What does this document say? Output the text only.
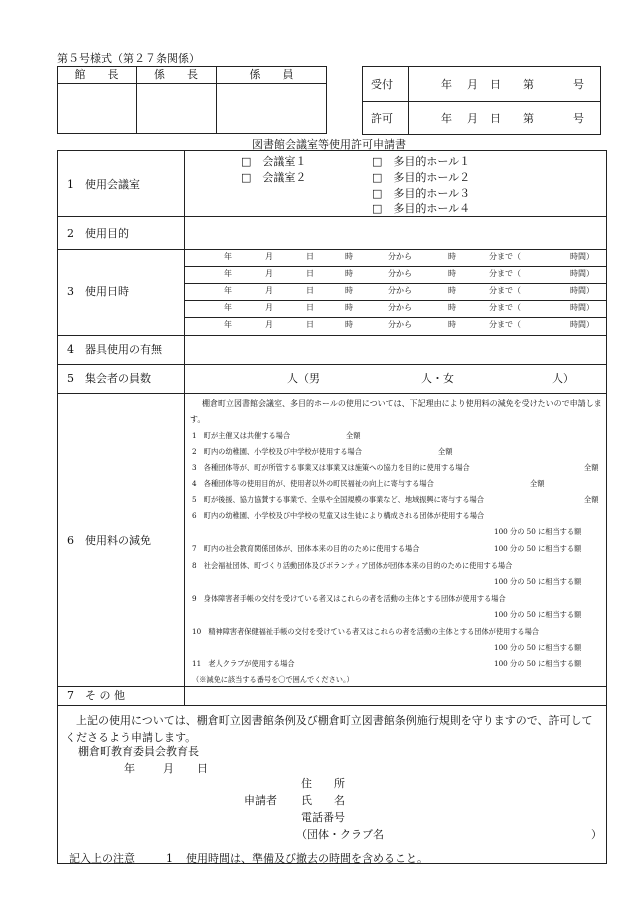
第５号様式（第２７条関係）
館　　長	係　　長	係　　員
受付
許可
年 月 日 第	号
年 月 日 第	号
図書館会議室等使用許可申請書
1　使用会議室
□　会議室１
□　会議室２
□　多目的ホール１
□　多目的ホール２
□　多目的ホール３
□　多目的ホール４
2　使用目的
3　使用日時
年	月	日	時	分から	時	分まで（	時間）
年	月	日	時	分から	時	分まで（	時間）
年	月	日	時	分から	時	分まで（	時間）
年	月	日	時	分から	時	分まで（	時間）
年	月	日	時	分から	時	分まで（	時間）
4　器具使用の有無
5　集会者の員数	人（男	人・女	人）
6　使用料の減免
棚倉町立図書館会議室、多目的ホールの使用については、下記理由により使用料の減免を受けたいので申請します。
1　町が主催又は共催する場合	全額
2　町内の幼稚園、小学校及び中学校が使用する場合	全額
3　各種団体等が、町が所管する事業又は事業又は施策への協力を目的に使用する場合	全額
4　各種団体等の使用目的が、使用者以外の町民福祉の向上に寄与する場合	全額
5　町が後援、協力協賛する事業で、全県や全国規模の事業など、地域振興に寄与する場合	全額
6　町内の幼稚園、小学校及び中学校の児童又は生徒により構成される団体が使用する場合
100 分の 50 に相当する額
7　町内の社会教育関係団体が、団体本来の目的のために使用する場合	100 分の 50 に相当する額
8　社会福祉団体、町づくり活動団体及びボランティア団体が団体本来の目的のために使用する場合
100 分の 50 に相当する額
9　身体障害者手帳の交付を受けている者又はこれらの者を活動の主体とする団体が使用する場合
100 分の 50 に相当する額
10　精神障害者保健福祉手帳の交付を受けている者又はこれらの者を活動の主体とする団体が使用する場合
100 分の 50 に相当する額
11　老人クラブが使用する場合	100 分の 50 に相当する額
（※減免に該当する番号を〇で囲んでください。）
7　そ の 他
上記の使用については、棚倉町立図書館条例及び棚倉町立図書館条例施行規則を守りますので、許可してくださるよう申請します。
棚倉町教育委員会教育長
年	月 日
住　　所
申請者 氏　　名
電話番号
（団体・クラブ名	）
記入上の注意	1 使用時間は、準備及び撤去の時間を含めること。
